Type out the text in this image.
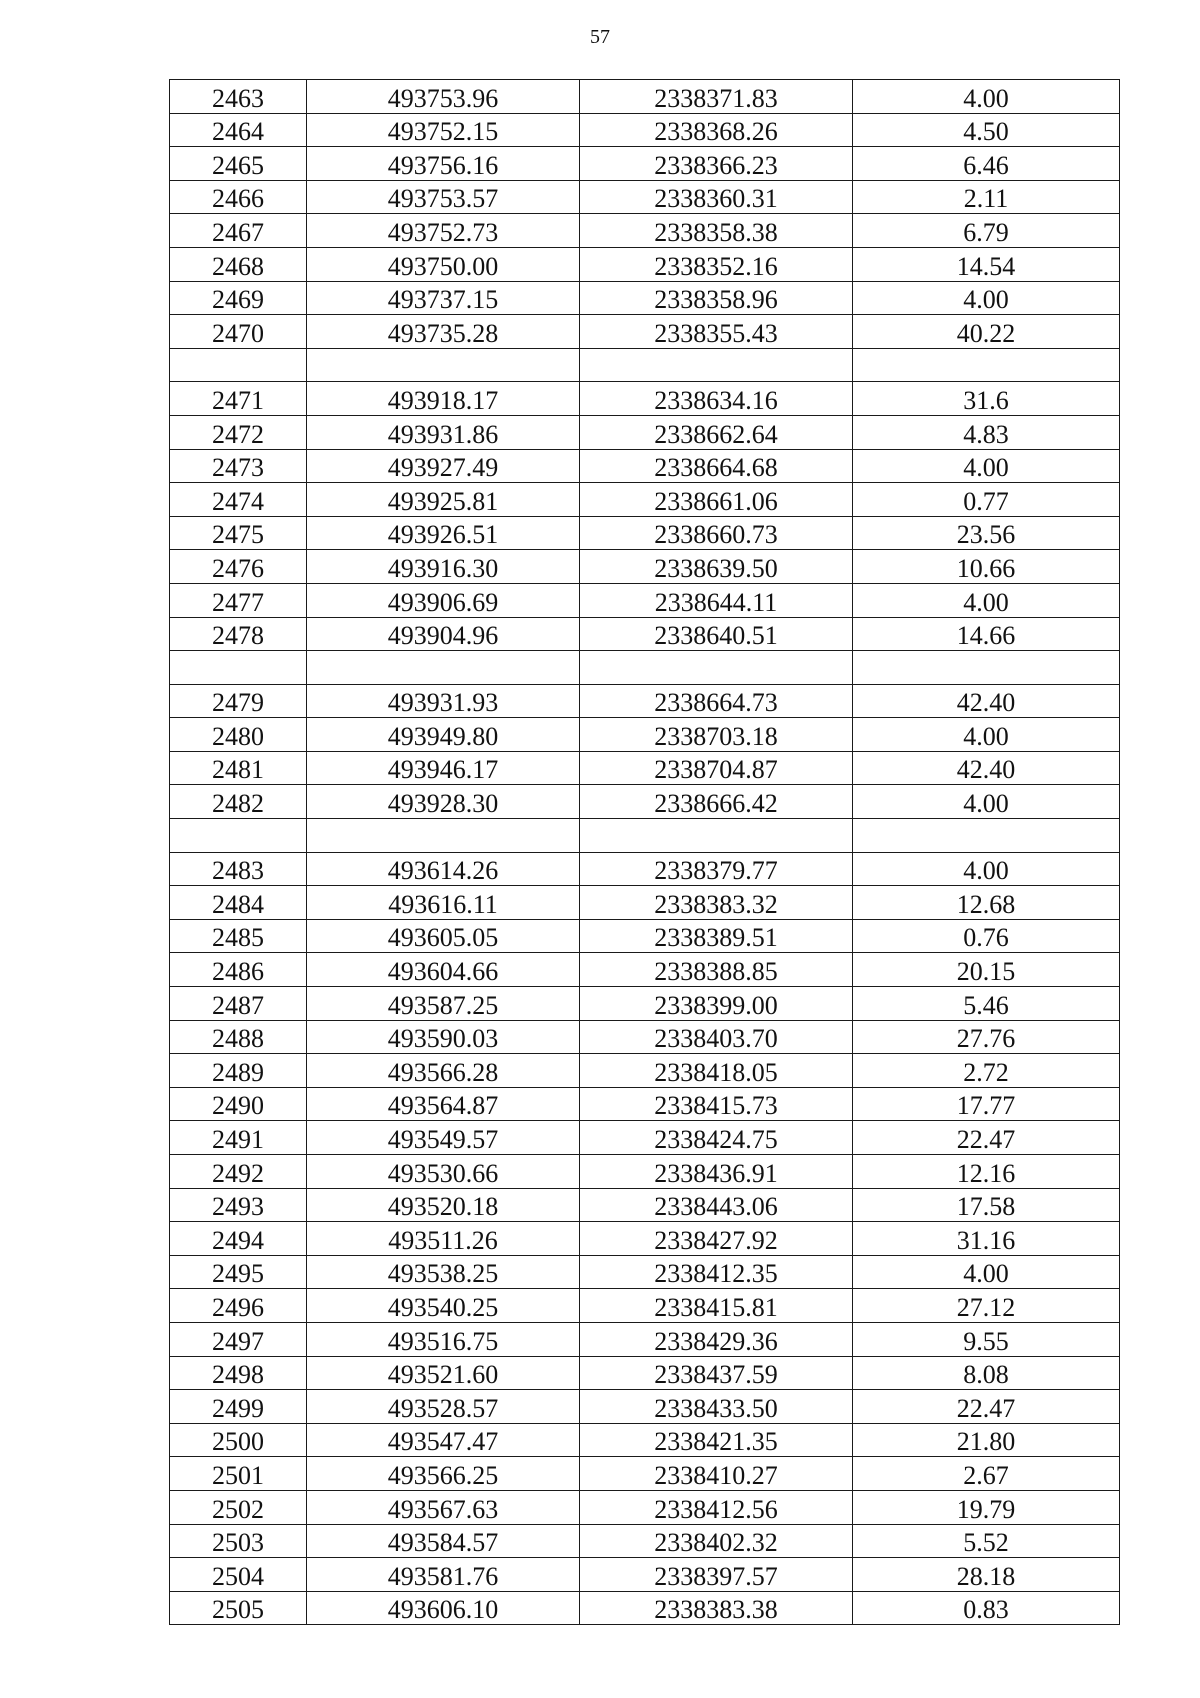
57
2463	493753.96	2338371.83	4.00
2464	493752.15	2338368.26	4.50
2465	493756.16	2338366.23	6.46
2466	493753.57	2338360.31	2.11
2467	493752.73	2338358.38	6.79
2468	493750.00	2338352.16	14.54
2469	493737.15	2338358.96	4.00
2470	493735.28	2338355.43	40.22

2471	493918.17	2338634.16	31.6
2472	493931.86	2338662.64	4.83
2473	493927.49	2338664.68	4.00
2474	493925.81	2338661.06	0.77
2475	493926.51	2338660.73	23.56
2476	493916.30	2338639.50	10.66
2477	493906.69	2338644.11	4.00
2478	493904.96	2338640.51	14.66

2479	493931.93	2338664.73	42.40
2480	493949.80	2338703.18	4.00
2481	493946.17	2338704.87	42.40
2482	493928.30	2338666.42	4.00

2483	493614.26	2338379.77	4.00
2484	493616.11	2338383.32	12.68
2485	493605.05	2338389.51	0.76
2486	493604.66	2338388.85	20.15
2487	493587.25	2338399.00	5.46
2488	493590.03	2338403.70	27.76
2489	493566.28	2338418.05	2.72
2490	493564.87	2338415.73	17.77
2491	493549.57	2338424.75	22.47
2492	493530.66	2338436.91	12.16
2493	493520.18	2338443.06	17.58
2494	493511.26	2338427.92	31.16
2495	493538.25	2338412.35	4.00
2496	493540.25	2338415.81	27.12
2497	493516.75	2338429.36	9.55
2498	493521.60	2338437.59	8.08
2499	493528.57	2338433.50	22.47
2500	493547.47	2338421.35	21.80
2501	493566.25	2338410.27	2.67
2502	493567.63	2338412.56	19.79
2503	493584.57	2338402.32	5.52
2504	493581.76	2338397.57	28.18
2505	493606.10	2338383.38	0.83
